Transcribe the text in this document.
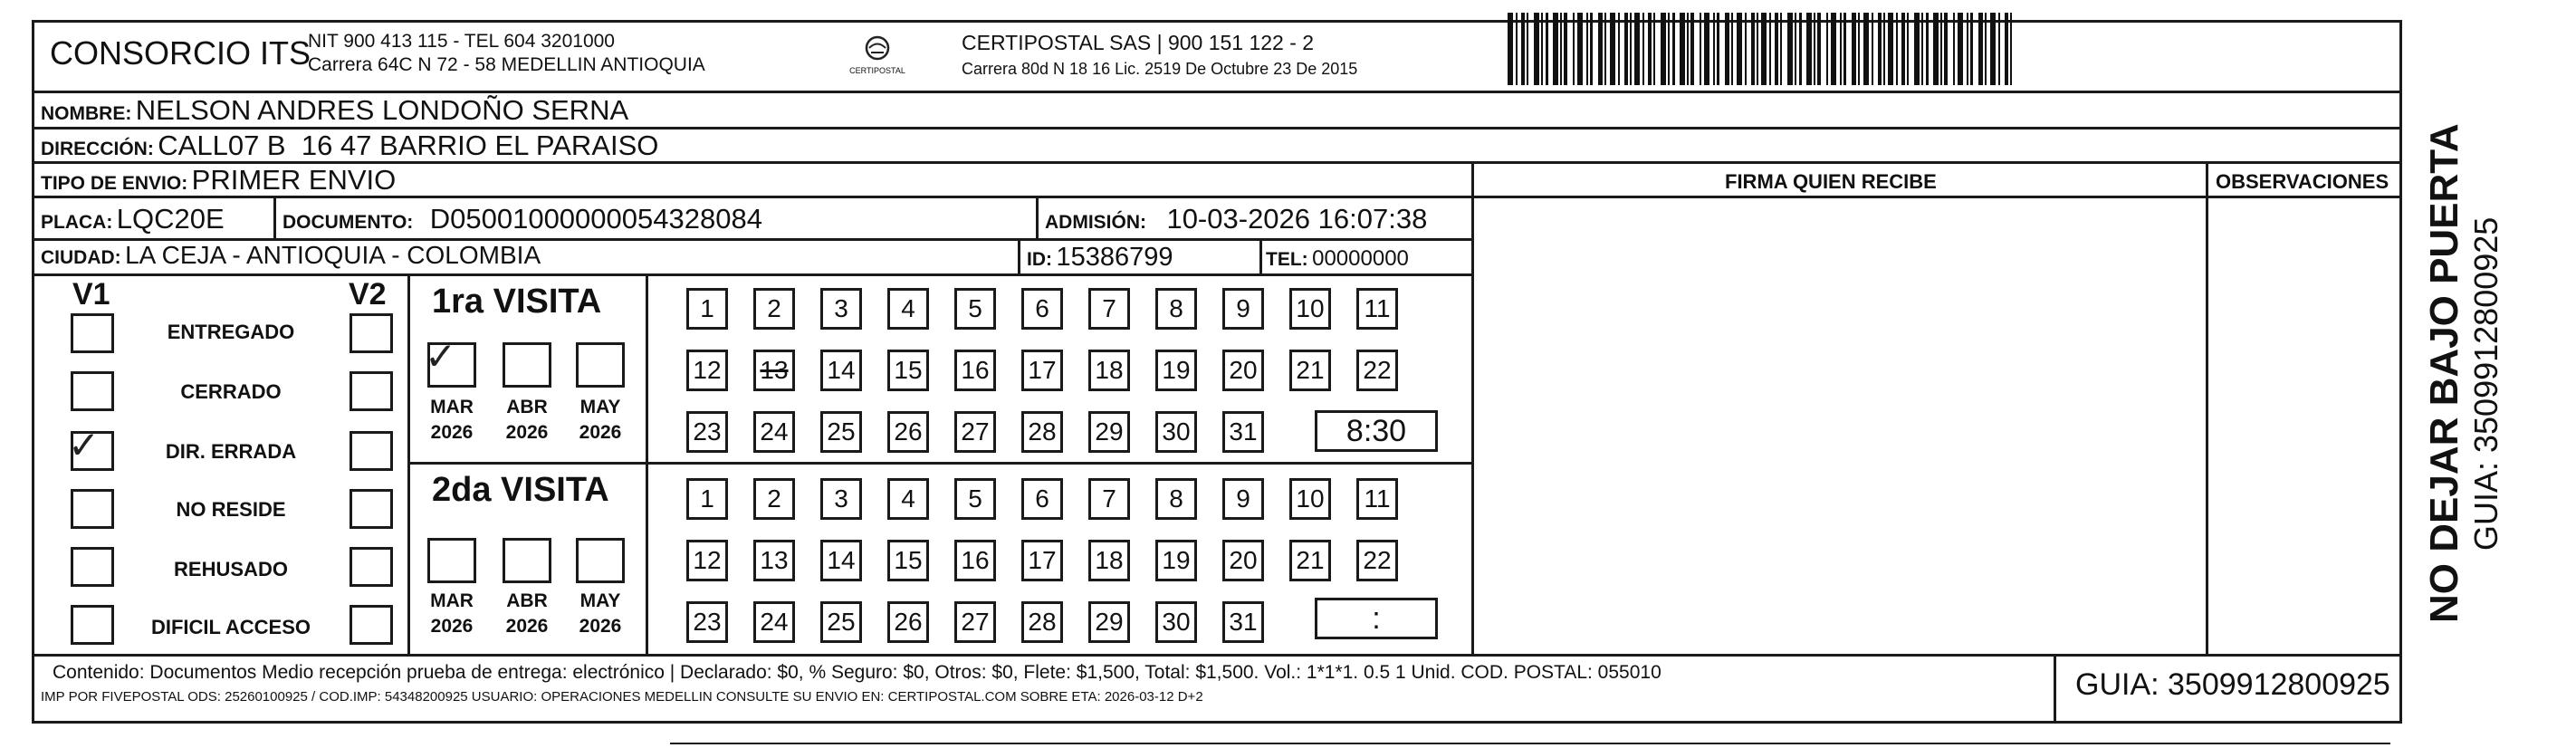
CONSORCIO ITS
NIT 900 413 115 - TEL 604 3201000
Carrera 64C N 72 - 58 MEDELLIN ANTIOQUIA	CERTIPOSTAL
CERTIPOSTAL SAS | 900 151 122 - 2
Carrera 80d N 18 16 Lic. 2519 De Octubre 23 De 2015
NOMBRE: NELSON ANDRES LONDOÑO SERNA
DIRECCIÓN: CALL07 B  16 47 BARRIO EL PARAISO
TIPO DE ENVIO: PRIMER ENVIO
PLACA: LQC20E	DOCUMENTO: D05001000000054328084	ADMISIÓN: 10-03-2026 16:07:38
CIUDAD: LA CEJA - ANTIOQUIA - COLOMBIA	ID: 15386799	TEL: 00000000
FIRMA QUIEN RECIBE	OBSERVACIONES
V1	V2
ENTREGADO
CERRADO
✓	DIR. ERRADA
NO RESIDE
REHUSADO
DIFICIL ACCESO
1ra VISITA
✓
MAR
2026
ABR
2026
MAY
2026
1	2	3	4	5	6	7	8	9	10	11
12 13 14 15 16 17 18 19 20 21 22
23 24 25 26 27 28 29 30 31	8:30
2da VISITA
MAR
2026
ABR
2026
MAY
2026
1	2	3	4	5	6	7	8	9	10	11
12 13 14 15 16 17 18 19 20 21 22
23 24 25 26 27 28 29 30 31	:
Contenido: Documentos Medio recepción prueba de entrega: electrónico | Declarado: $0, % Seguro: $0, Otros: $0, Flete: $1,500, Total: $1,500. Vol.: 1*1*1. 0.5 1 Unid. COD. POSTAL: 055010
IMP POR FIVEPOSTAL ODS: 25260100925 / COD.IMP: 54348200925 USUARIO: OPERACIONES MEDELLIN CONSULTE SU ENVIO EN: CERTIPOSTAL.COM SOBRE ETA: 2026-03-12 D+2	GUIA: 3509912800925
NO DEJAR BAJO PUERTA GUIA: 3509912800925
